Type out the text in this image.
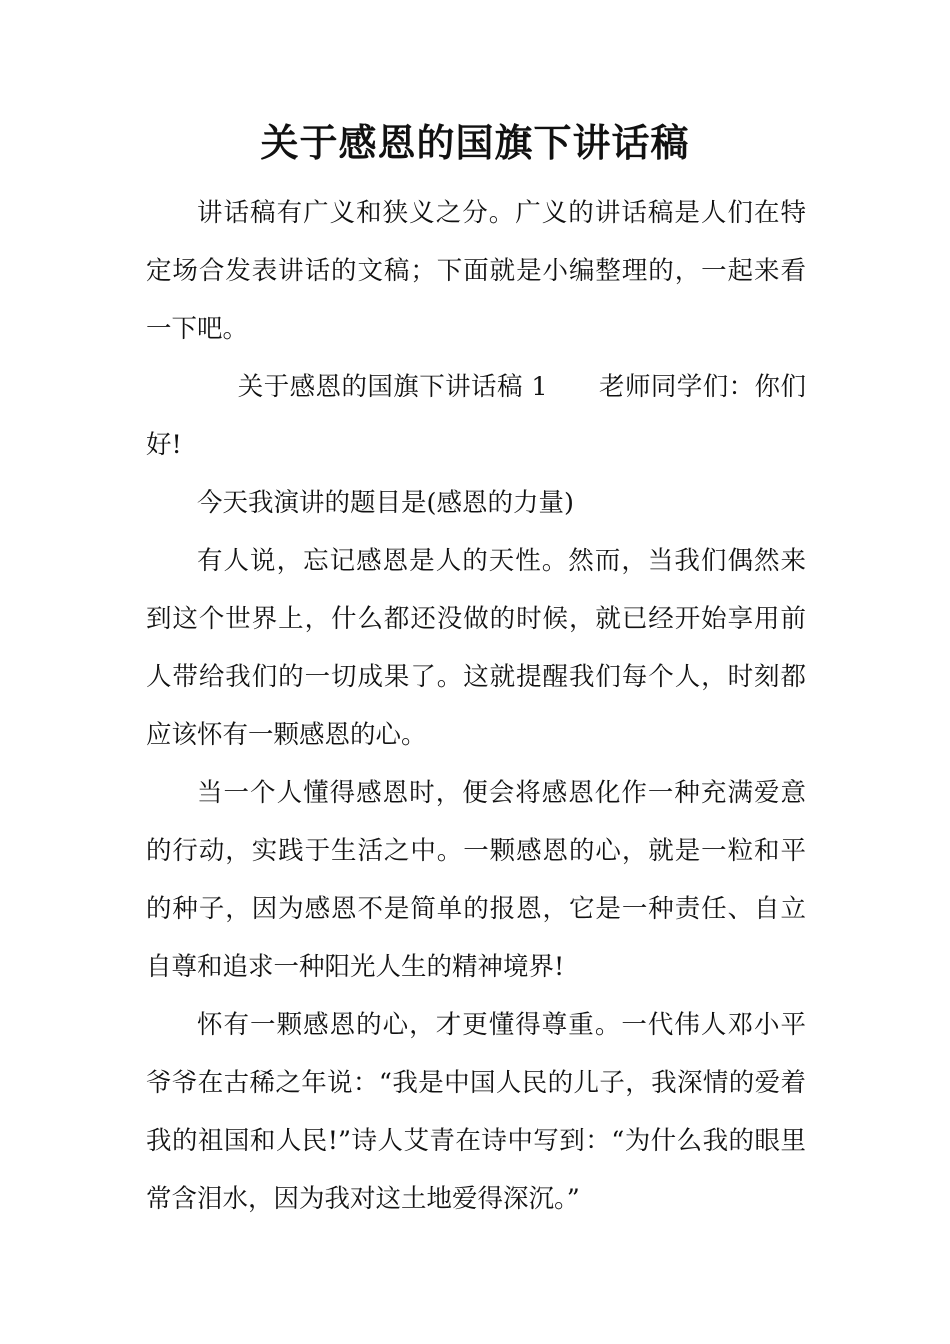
关于感恩的国旗下讲话稿

讲话稿有广义和狭义之分。广义的讲话稿是人们在特定场合发表讲话的文稿；下面就是小编整理的，一起来看一下吧。

关于感恩的国旗下讲话稿 1 老师同学们：你们好!

今天我演讲的题目是(感恩的力量)

有人说，忘记感恩是人的天性。然而，当我们偶然来到这个世界上，什么都还没做的时候，就已经开始享用前人带给我们的一切成果了。这就提醒我们每个人，时刻都应该怀有一颗感恩的心。

当一个人懂得感恩时，便会将感恩化作一种充满爱意的行动，实践于生活之中。一颗感恩的心，就是一粒和平的种子，因为感恩不是简单的报恩，它是一种责任、自立自尊和追求一种阳光人生的精神境界!

怀有一颗感恩的心，才更懂得尊重。一代伟人邓小平爷爷在古稀之年说：“我是中国人民的儿子，我深情的爱着我的祖国和人民!”诗人艾青在诗中写到：“为什么我的眼里常含泪水，因为我对这土地爱得深沉。”
